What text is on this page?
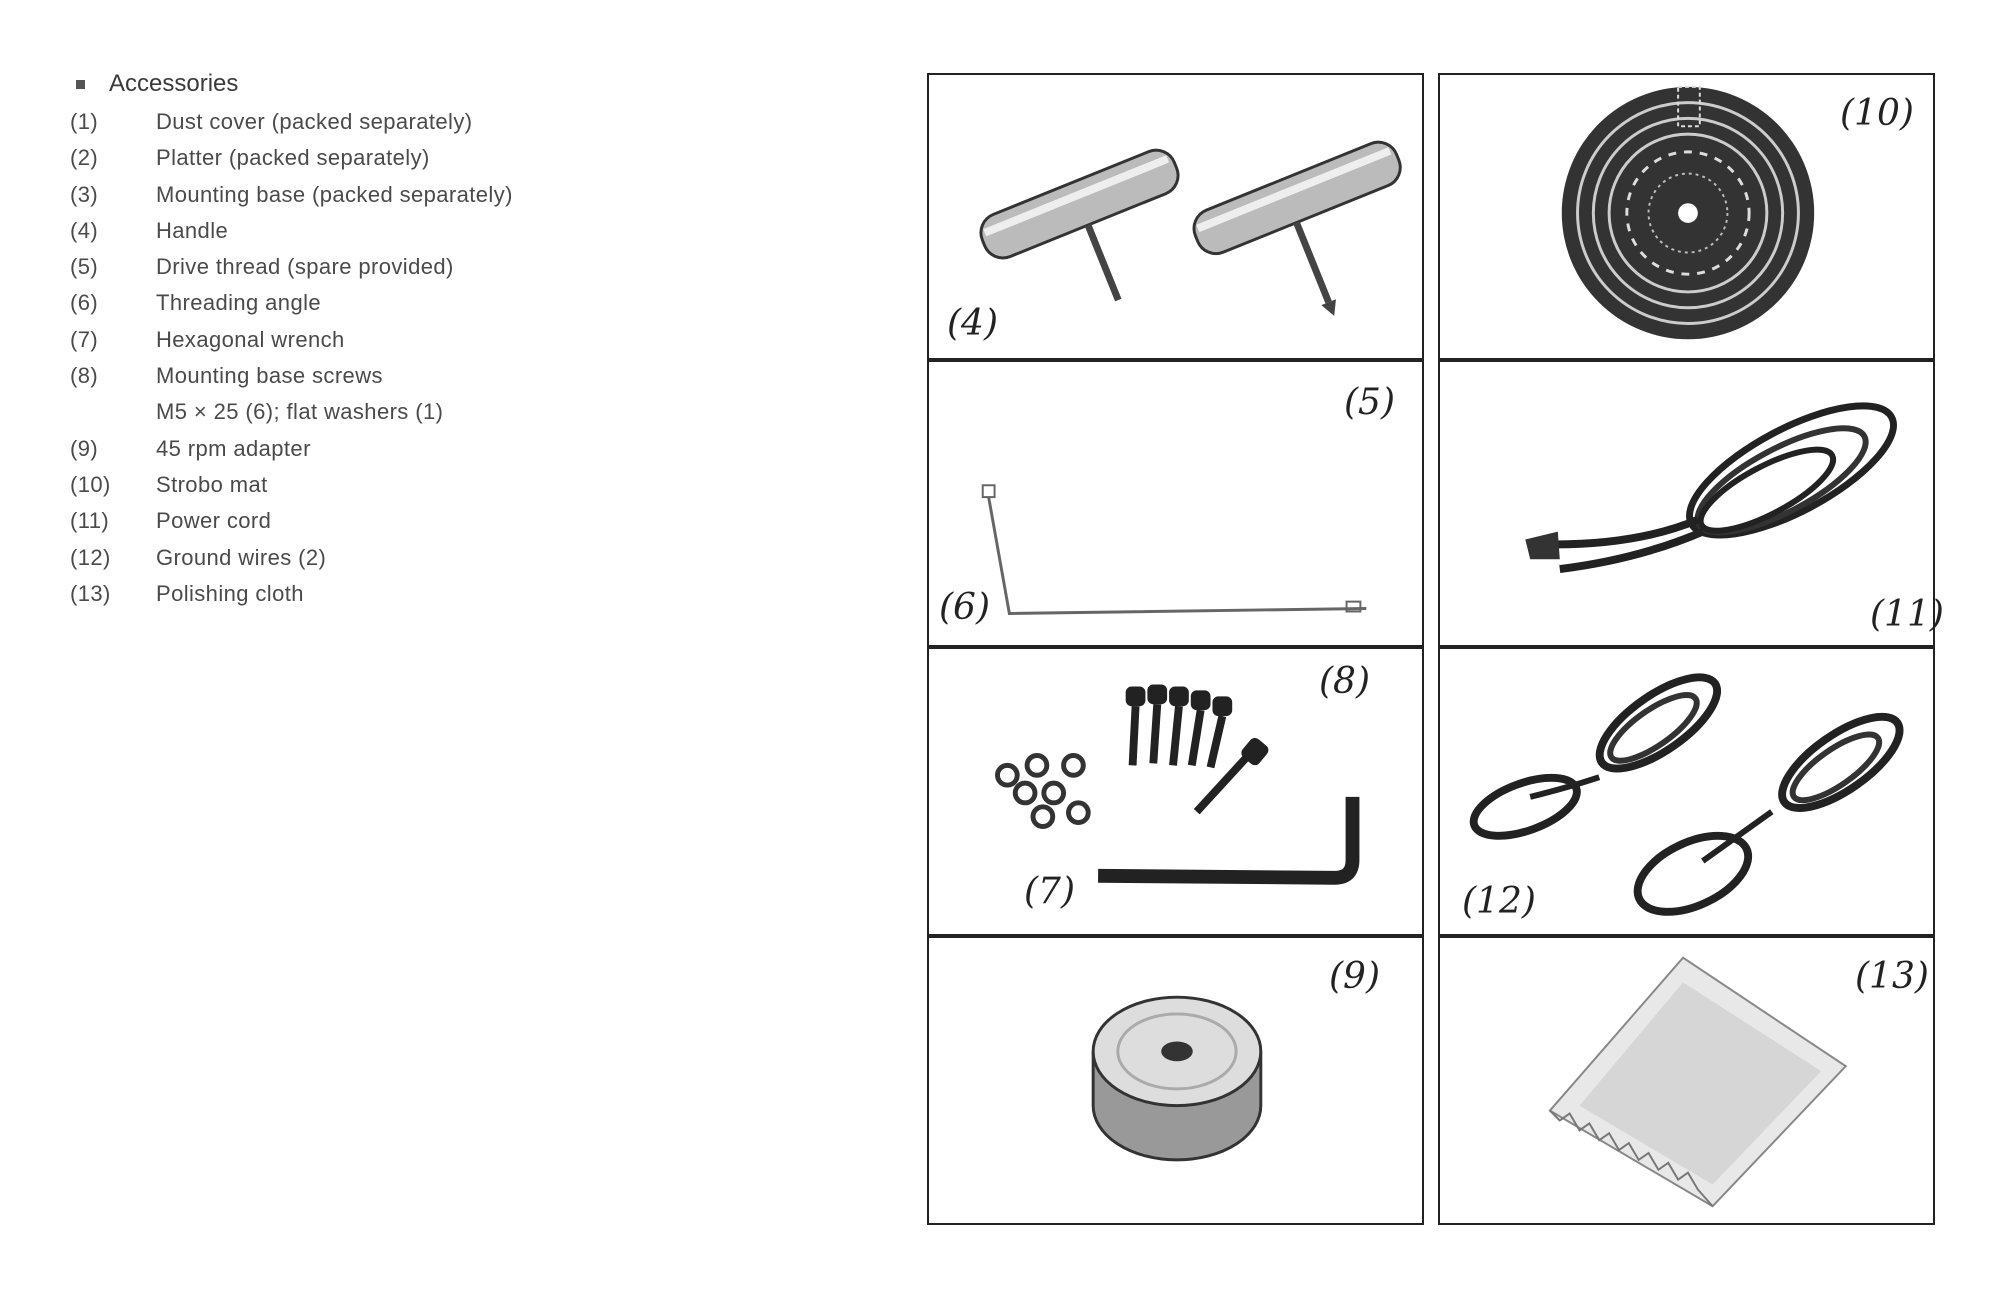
Accessories
(1)	Dust cover (packed separately)
(2)	Platter (packed separately)
(3)	Mounting base (packed separately)
(4)	Handle
(5)	Drive thread (spare provided)
(6)	Threading angle
(7)	Hexagonal wrench
(8)	Mounting base screws
M5 × 25 (6); flat washers (1)
(9)	45 rpm adapter
(10)	Strobo mat
(11)	Power cord
(12)	Ground wires (2)
(13)	Polishing cloth
(4)
(10)
(5)
(6)	(11)
(8)
(7)	(12)
(9)	(13)
